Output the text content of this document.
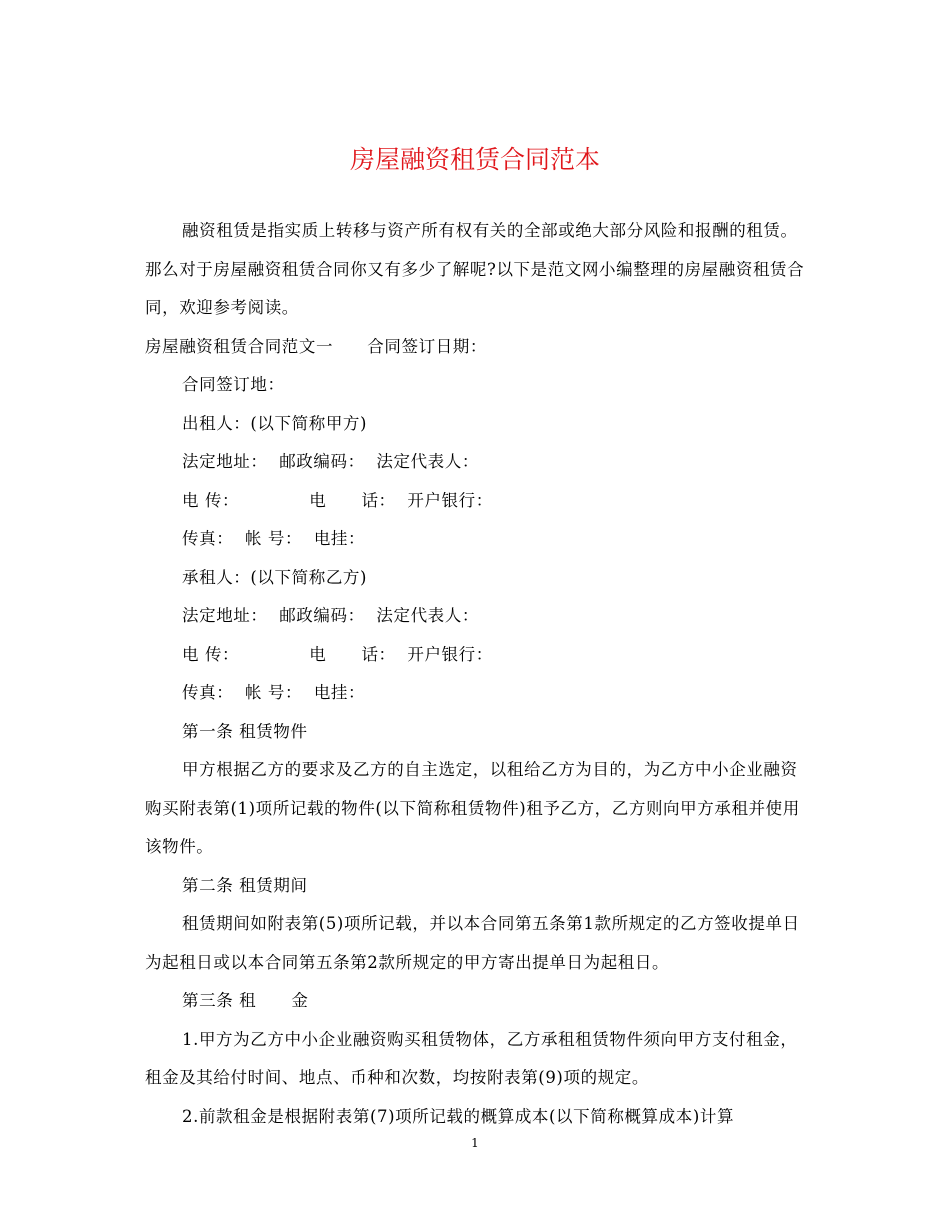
房屋融资租赁合同范本

融资租赁是指实质上转移与资产所有权有关的全部或绝大部分风险和报酬的租赁。那么对于房屋融资租赁合同你又有多少了解呢?以下是范文网小编整理的房屋融资租赁合同，欢迎参考阅读。

房屋融资租赁合同范文一　　合同签订日期：

合同签订地：

出租人：(以下简称甲方)

法定地址：  邮政编码：  法定代表人：

电 传：            电      话：  开户银行：

传真：  帐 号：  电挂：

承租人：(以下简称乙方)

法定地址：  邮政编码：  法定代表人：

电 传：            电      话：  开户银行：

传真：  帐 号：  电挂：

第一条 租赁物件

甲方根据乙方的要求及乙方的自主选定，以租给乙方为目的，为乙方中小企业融资购买附表第(1)项所记载的物件(以下简称租赁物件)租予乙方，乙方则向甲方承租并使用该物件。

第二条 租赁期间

租赁期间如附表第(5)项所记载，并以本合同第五条第1款所规定的乙方签收提单日为起租日或以本合同第五条第2款所规定的甲方寄出提单日为起租日。

第三条 租      金

1.甲方为乙方中小企业融资购买租赁物体，乙方承租租赁物件须向甲方支付租金，租金及其给付时间、地点、币种和次数，均按附表第(9)项的规定。

2.前款租金是根据附表第(7)项所记载的概算成本(以下简称概算成本)计算

1
